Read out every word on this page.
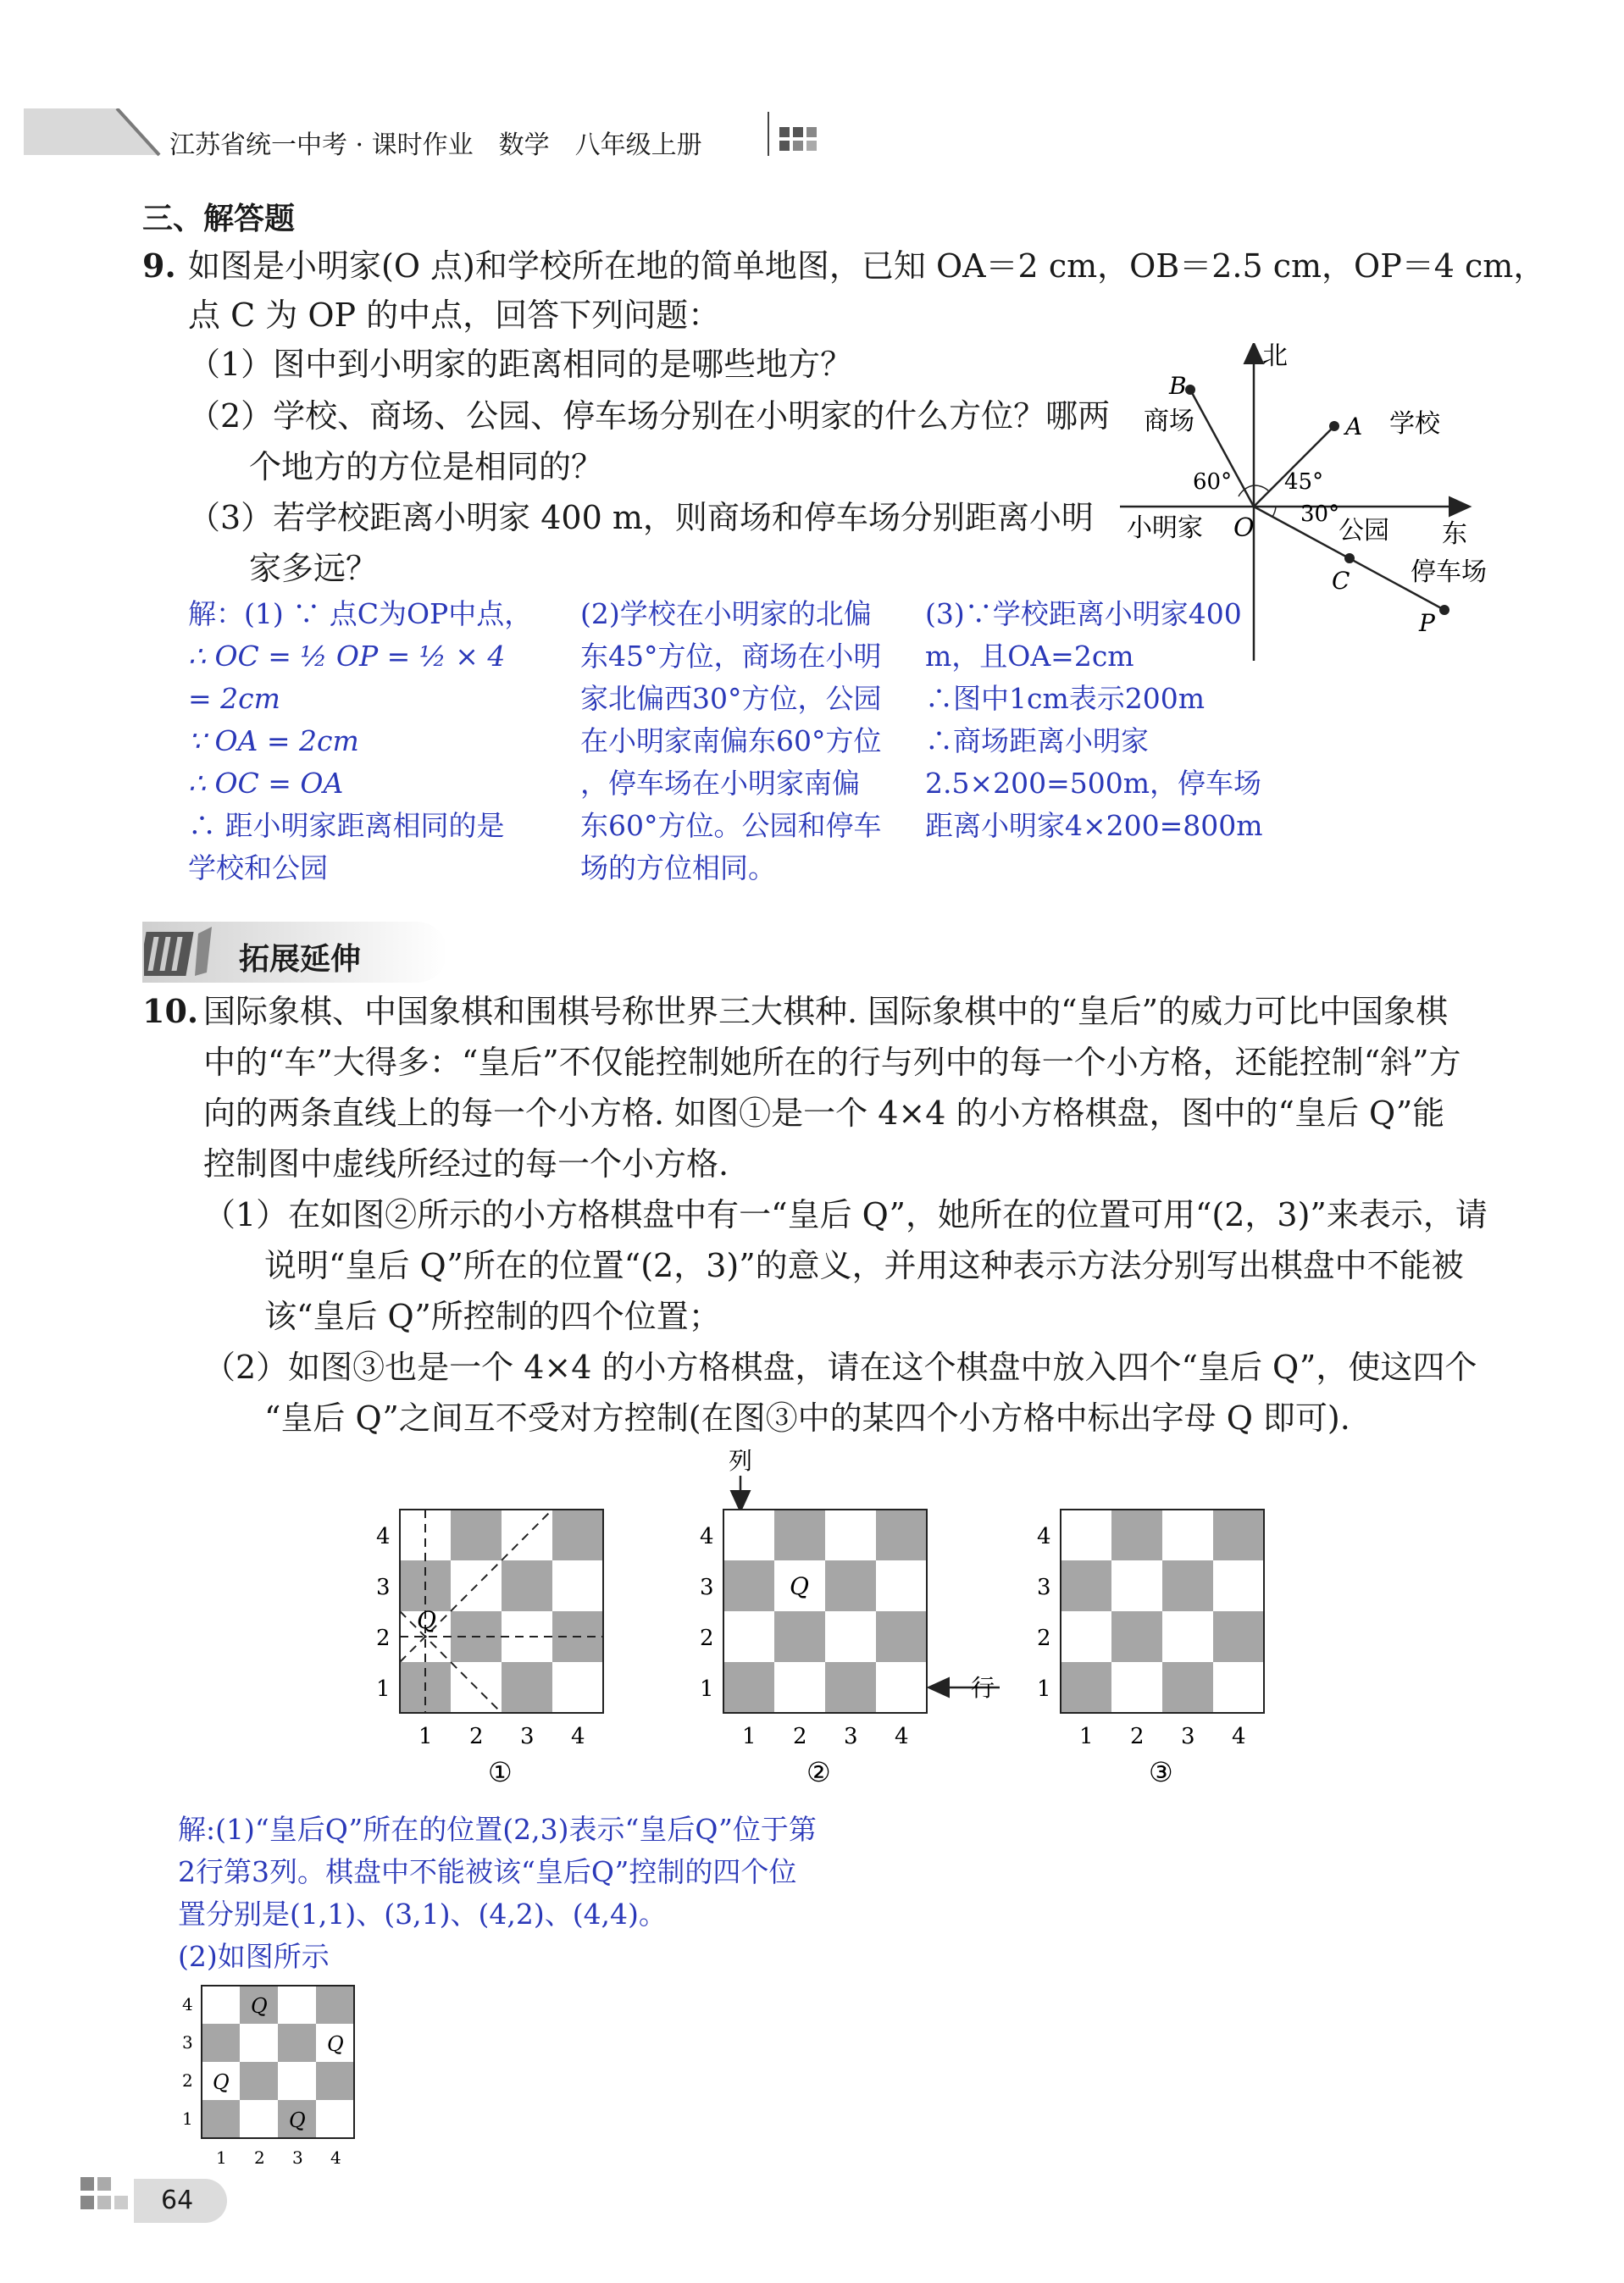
江苏省统一中考 · 课时作业　数学　八年级上册
三、解答题
9. 如图是小明家(O 点)和学校所在地的简单地图，已知 OA＝2 cm，OB＝2.5 cm，OP＝4 cm，
点 C 为 OP 的中点，回答下列问题：
（1）图中到小明家的距离相同的是哪些地方？
（2）学校、商场、公园、停车场分别在小明家的什么方位？哪两
个地方的方位是相同的？
（3）若学校距离小明家 400 m，则商场和停车场分别距离小明
家多远？
北
东
小明家 O
A 学校
B
商场
公园
C 停车场
P
60° 45°
30°
解：(1) ∵ 点C为OP中点，
∴ OC = ½ OP = ½ × 4
= 2cm
∵ OA = 2cm
∴ OC = OA
∴ 距小明家距离相同的是
学校和公园
(2)学校在小明家的北偏
东45°方位，商场在小明
家北偏西30°方位，公园
在小明家南偏东60°方位
，停车场在小明家南偏
东60°方位。公园和停车
场的方位相同。
(3)∵学校距离小明家400
m，且OA=2cm
∴图中1cm表示200m
∴商场距离小明家
2.5×200=500m，停车场
距离小明家4×200=800m
拓展延伸
10. 国际象棋、中国象棋和围棋号称世界三大棋种. 国际象棋中的“皇后”的威力可比中国象棋
中的“车”大得多：“皇后”不仅能控制她所在的行与列中的每一个小方格，还能控制“斜”方
向的两条直线上的每一个小方格. 如图①是一个 4×4 的小方格棋盘，图中的“皇后 Q”能
控制图中虚线所经过的每一个小方格.
（1）在如图②所示的小方格棋盘中有一“皇后 Q”，她所在的位置可用“(2，3)”来表示，请
说明“皇后 Q”所在的位置“(2，3)”的意义，并用这种表示方法分别写出棋盘中不能被
该“皇后 Q”所控制的四个位置；
（2）如图③也是一个 4×4 的小方格棋盘，请在这个棋盘中放入四个“皇后 Q”，使这四个
“皇后 Q”之间互不受对方控制(在图③中的某四个小方格中标出字母 Q 即可).
Q
4
3
2
1
1 2 3 4
①
列
Q
行
4
3
2
1
1 2 3 4
②
4
3
2
1
1 2 3 4
③
解:(1)“皇后Q”所在的位置(2,3)表示“皇后Q”位于第
2行第3列。棋盘中不能被该“皇后Q”控制的四个位
置分别是(1,1)、(3,1)、(4,2)、(4,4)。
(2)如图所示
Q
Q
Q
Q
4
3
2
1
1 2 3 4
64
